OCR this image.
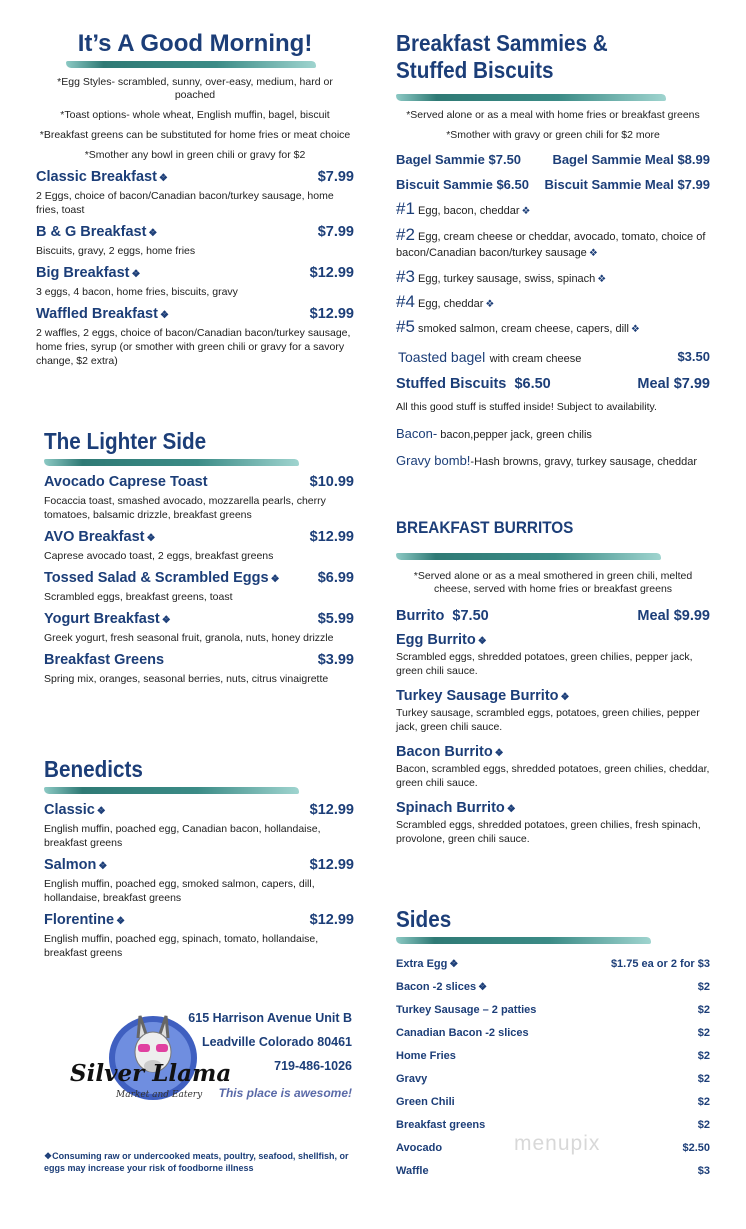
It’s A Good Morning!

*Egg Styles- scrambled, sunny, over-easy, medium, hard or poached

*Toast options- whole wheat, English muffin, bagel, biscuit

*Breakfast greens can be substituted for home fries or meat choice

*Smother any bowl in green chili or gravy for $2

Classic Breakfast ❖	$7.99
2 Eggs, choice of bacon/Canadian bacon/turkey sausage, home fries, toast
B & G Breakfast ❖	$7.99
Biscuits, gravy, 2 eggs, home fries
Big Breakfast ❖	$12.99
3 eggs, 4 bacon, home fries, biscuits, gravy
Waffled Breakfast ❖	$12.99
2 waffles, 2 eggs, choice of bacon/Canadian bacon/turkey sausage, home fries, syrup (or smother with green chili or gravy for a savory change, $2 extra)
The Lighter Side
Avocado Caprese Toast	$10.99
Focaccia toast, smashed avocado, mozzarella pearls, cherry tomatoes, balsamic drizzle, breakfast greens
AVO Breakfast ❖	$12.99
Caprese avocado toast, 2 eggs, breakfast greens
Tossed Salad & Scrambled Eggs ❖	$6.99
Scrambled eggs, breakfast greens, toast
Yogurt Breakfast ❖	$5.99
Greek yogurt, fresh seasonal fruit, granola, nuts, honey drizzle
Breakfast Greens	$3.99
Spring mix, oranges, seasonal berries, nuts, citrus vinaigrette
Benedicts
Classic ❖	$12.99
English muffin, poached egg, Canadian bacon, hollandaise, breakfast greens
Salmon ❖	$12.99
English muffin, poached egg, smoked salmon, capers, dill, hollandaise, breakfast greens
Florentine ❖	$12.99
English muffin, poached egg, spinach, tomato, hollandaise, breakfast greens
Silver Llama
Market and Eatery
615 Harrison Avenue Unit B
Leadville Colorado 80461
719-486-1026
This place is awesome!
❖Consuming raw or undercooked meats, poultry, seafood, shellfish, or eggs may increase your risk of foodborne illness
Breakfast Sammies & Stuffed Biscuits

*Served alone or as a meal with home fries or breakfast greens

*Smother with gravy or green chili for $2 more

Bagel Sammie $7.50 Bagel Sammie Meal $8.99
Biscuit Sammie $6.50 Biscuit Sammie Meal $7.99
#1 Egg, bacon, cheddar ❖
#2 Egg, cream cheese or cheddar, avocado, tomato, choice of bacon/Canadian bacon/turkey sausage ❖
#3 Egg, turkey sausage, swiss, spinach ❖
#4 Egg, cheddar ❖
#5 smoked salmon, cream cheese, capers, dill ❖
Toasted bagel with cream cheese	$3.50
Stuffed Biscuits $6.50	Meal $7.99
All this good stuff is stuffed inside! Subject to availability.
Bacon- bacon,pepper jack, green chilis
Gravy bomb!-Hash browns, gravy, turkey sausage, cheddar
BREAKFAST BURRITOS

*Served alone or as a meal smothered in green chili, melted cheese, served with home fries or breakfast greens

Burrito $7.50	Meal $9.99
Egg Burrito ❖
Scrambled eggs, shredded potatoes, green chilies, pepper jack, green chili sauce.
Turkey Sausage Burrito ❖
Turkey sausage, scrambled eggs, potatoes, green chilies, pepper jack, green chili sauce.
Bacon Burrito ❖
Bacon, scrambled eggs, shredded potatoes, green chilies, cheddar, green chili sauce.
Spinach Burrito ❖
Scrambled eggs, shredded potatoes, green chilies, fresh spinach, provolone, green chili sauce.
Sides
Extra Egg ❖	$1.75 ea or 2 for $3
Bacon -2 slices ❖	$2
Turkey Sausage – 2 patties	$2
Canadian Bacon -2 slices	$2
Home Fries	$2
Gravy	$2
Green Chili	$2
Breakfast greens	$2
Avocado	$2.50
Waffle	$3
menupix
